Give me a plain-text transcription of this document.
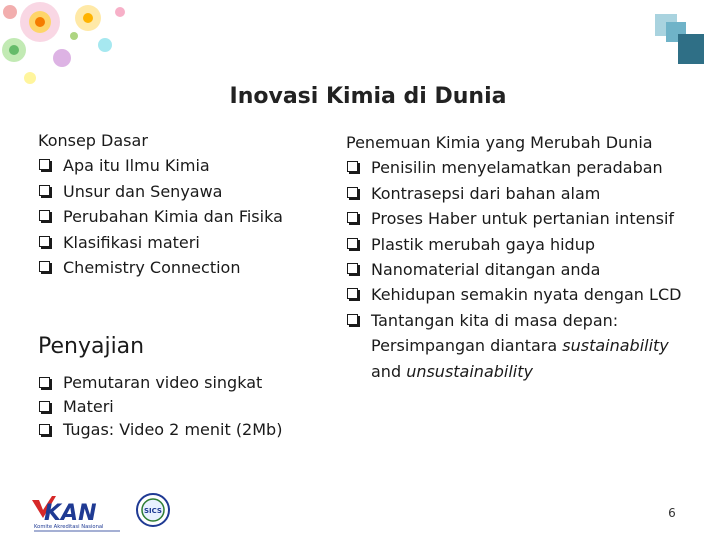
Inovasi Kimia di Dunia
Konsep Dasar
Apa itu Ilmu Kimia
Unsur dan Senyawa
Perubahan Kimia dan Fisika
Klasifikasi materi
Chemistry Connection
Penyajian
Pemutaran video singkat
Materi
Tugas: Video 2 menit (2Mb)
Penemuan Kimia yang Merubah Dunia
Penisilin menyelamatkan peradaban
Kontrasepsi dari bahan alam
Proses Haber untuk pertanian intensif
Plastik merubah gaya hidup
Nanomaterial ditangan anda
Kehidupan semakin nyata dengan LCD
Tantangan kita di masa depan:
Persimpangan diantara sustainability
and unsustainability
6
KAN
Komite Akreditasi Nasional
SICS
